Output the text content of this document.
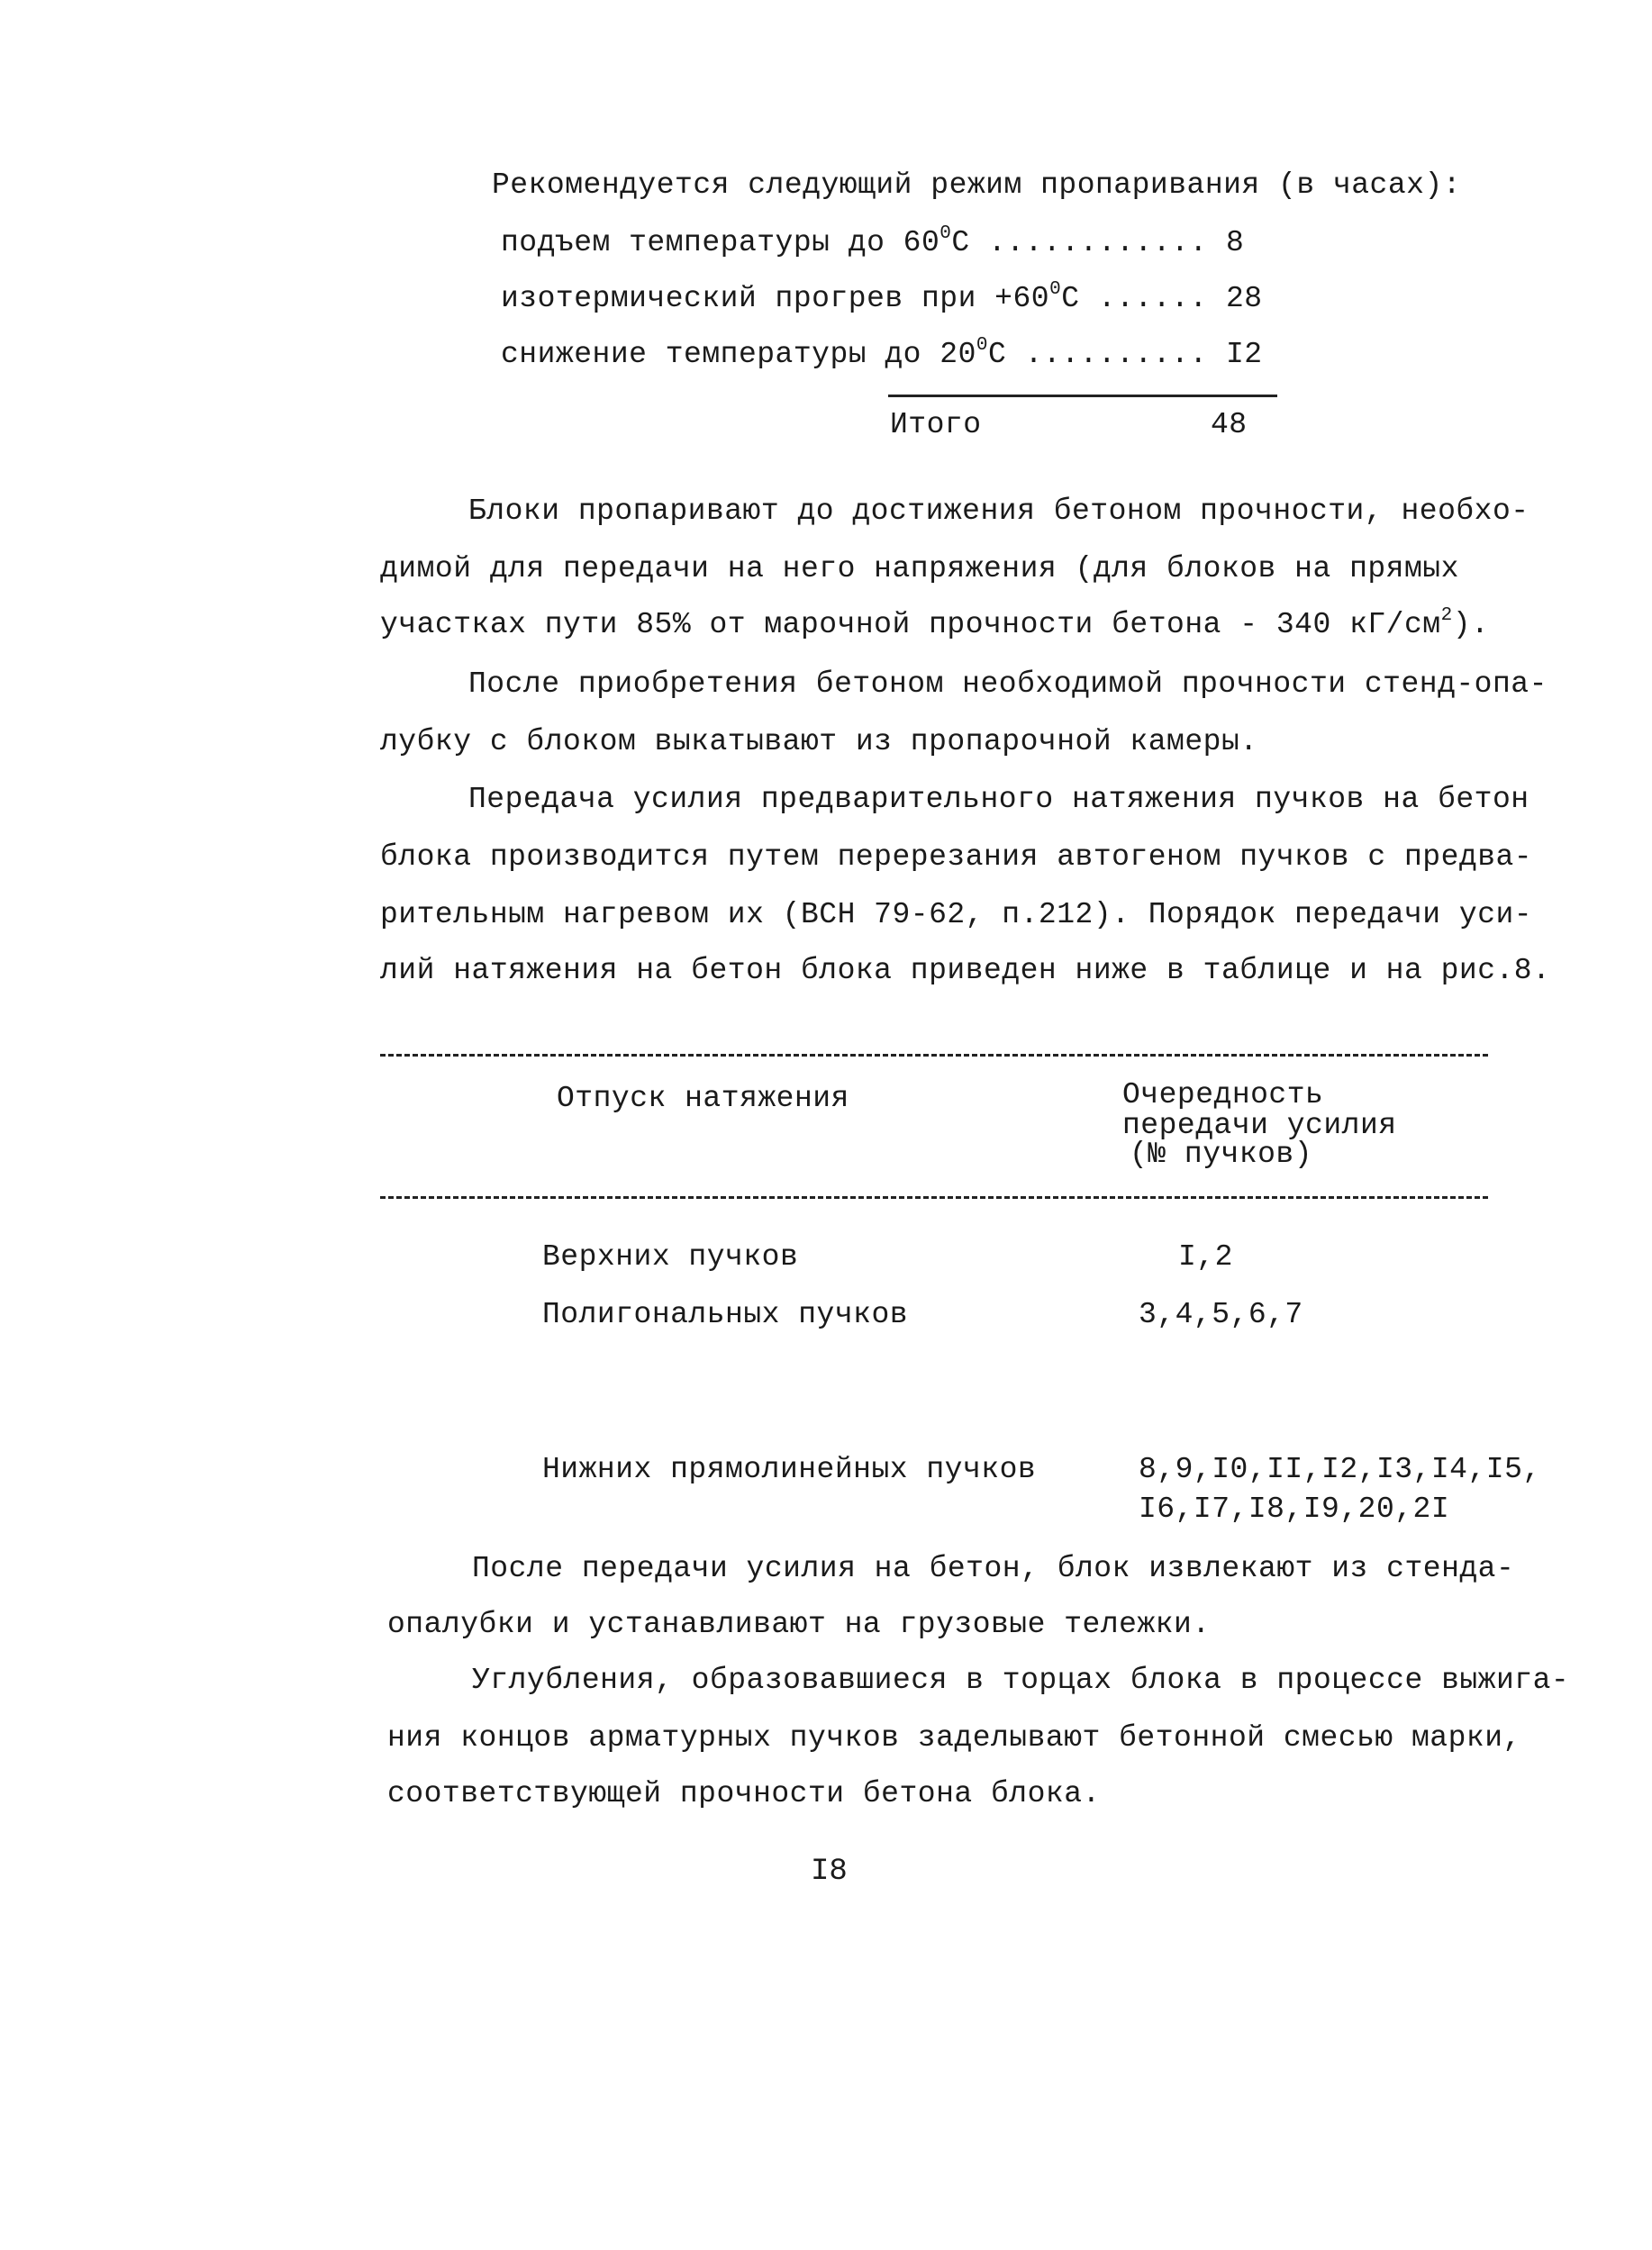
Рекомендуется следующий режим пропаривания (в часах):
подъем температуры до $60^0С$ ............ 8
изотермический прогрев при $+60^0С$ ...... 28
снижение температуры до $20^0С$ .......... I2
Итого	48
Блоки пропаривают до достижения бетоном прочности, необхо-
димой для передачи на него напряжения (для блоков на прямых
участках пути 85% от марочной прочности бетона - 340 $кГ/см^2$).
После приобретения бетоном необходимой прочности стенд-опа-
лубку с блоком выкатывают из пропарочной камеры.
Передача усилия предварительного натяжения пучков на бетон
блока производится путем перерезания автогеном пучков с предва-
рительным нагревом их (ВСН 79-62, п.212). Порядок передачи уси-
лий натяжения на бетон блока приведен ниже в таблице и на рис.8.
Отпуск натяжения	Очередность
передачи усилия
(№ пучков)
Верхних пучков	I,2
Полигональных пучков	3,4,5,6,7
Нижних прямолинейных пучков	8,9,I0,II,I2,I3,I4,I5,
I6,I7,I8,I9,20,2I
После передачи усилия на бетон, блок извлекают из стенда-
опалубки и устанавливают на грузовые тележки.
Углубления, образовавшиеся в торцах блока в процессе выжига-
ния концов арматурных пучков заделывают бетонной смесью марки,
соответствующей прочности бетона блока.
I8
